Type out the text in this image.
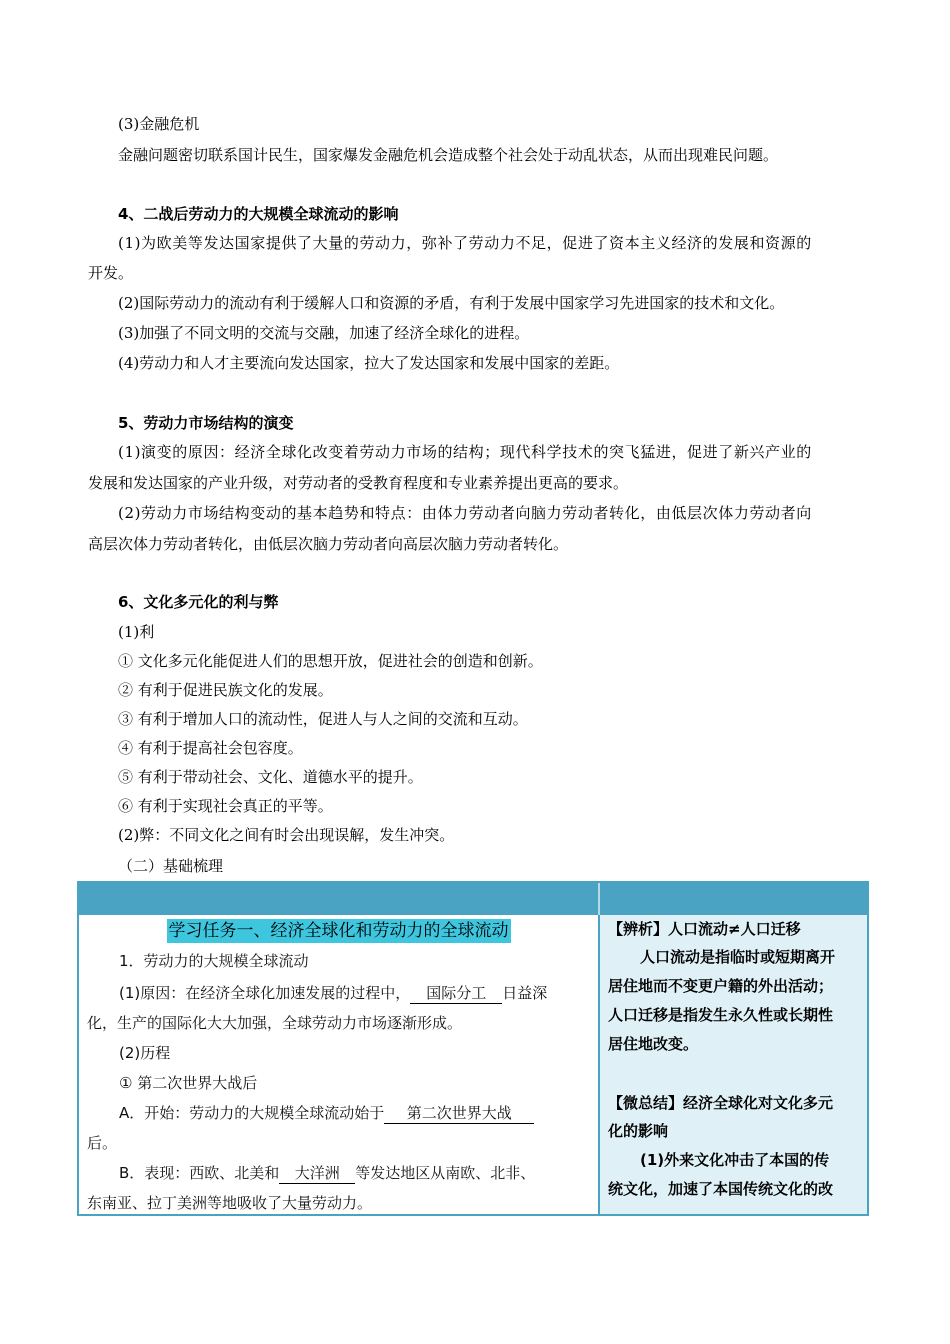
(3)金融危机
金融问题密切联系国计民生，国家爆发金融危机会造成整个社会处于动乱状态，从而出现难民问题。
4、二战后劳动力的大规模全球流动的影响
(1)为欧美等发达国家提供了大量的劳动力，弥补了劳动力不足，促进了资本主义经济的发展和资源的
开发。
(2)国际劳动力的流动有利于缓解人口和资源的矛盾，有利于发展中国家学习先进国家的技术和文化。
(3)加强了不同文明的交流与交融，加速了经济全球化的进程。
(4)劳动力和人才主要流向发达国家，拉大了发达国家和发展中国家的差距。
5、劳动力市场结构的演变
(1)演变的原因：经济全球化改变着劳动力市场的结构；现代科学技术的突飞猛进，促进了新兴产业的
发展和发达国家的产业升级，对劳动者的受教育程度和专业素养提出更高的要求。
(2)劳动力市场结构变动的基本趋势和特点：由体力劳动者向脑力劳动者转化，由低层次体力劳动者向
高层次体力劳动者转化，由低层次脑力劳动者向高层次脑力劳动者转化。
6、文化多元化的利与弊
(1)利
① 文化多元化能促进人们的思想开放，促进社会的创造和创新。
② 有利于促进民族文化的发展。
③ 有利于增加人口的流动性，促进人与人之间的交流和互动。
④ 有利于提高社会包容度。
⑤ 有利于带动社会、文化、道德水平的提升。
⑥ 有利于实现社会真正的平等。
(2)弊：不同文化之间有时会出现误解，发生冲突。
（二）基础梳理
学习任务一、经济全球化和劳动力的全球流动
1．劳动力的大规模全球流动
(1)原因：在经济全球化加速发展的过程中， 国际分工 日益深
化，生产的国际化大大加强，全球劳动力市场逐渐形成。
(2)历程
① 第二次世界大战后
A．开始：劳动力的大规模全球流动始于 第二次世界大战
后。
B．表现：西欧、北美和 大洋洲 等发达地区从南欧、北非、
东南亚、拉丁美洲等地吸收了大量劳动力。
【辨析】人口流动≠人口迁移
人口流动是指临时或短期离开
居住地而不变更户籍的外出活动；
人口迁移是指发生永久性或长期性
居住地改变。
【微总结】经济全球化对文化多元
化的影响
(1)外来文化冲击了本国的传
统文化，加速了本国传统文化的改
